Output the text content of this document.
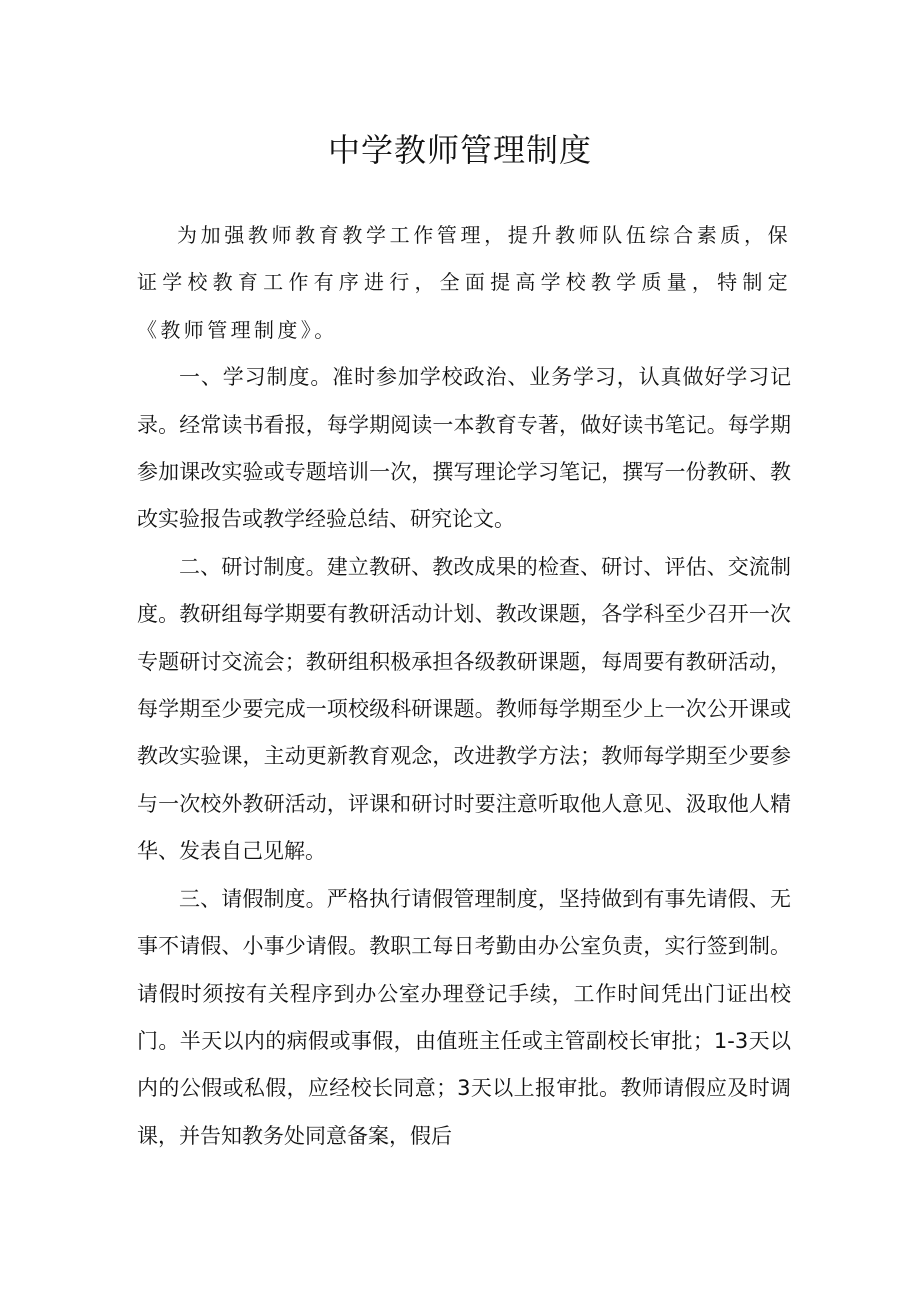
中学教师管理制度

为加强教师教育教学工作管理，提升教师队伍综合素质，保证学校教育工作有序进行，全面提高学校教学质量，特制定《教师管理制度》。

一、学习制度。准时参加学校政治、业务学习，认真做好学习记录。经常读书看报，每学期阅读一本教育专著，做好读书笔记。每学期参加课改实验或专题培训一次，撰写理论学习笔记，撰写一份教研、教改实验报告或教学经验总结、研究论文。

二、研讨制度。建立教研、教改成果的检查、研讨、评估、交流制度。教研组每学期要有教研活动计划、教改课题，各学科至少召开一次专题研讨交流会；教研组积极承担各级教研课题，每周要有教研活动，每学期至少要完成一项校级科研课题。教师每学期至少上一次公开课或教改实验课，主动更新教育观念，改进教学方法；教师每学期至少要参与一次校外教研活动，评课和研讨时要注意听取他人意见、汲取他人精华、发表自己见解。

三、请假制度。严格执行请假管理制度，坚持做到有事先请假、无事不请假、小事少请假。教职工每日考勤由办公室负责，实行签到制。请假时须按有关程序到办公室办理登记手续，工作时间凭出门证出校门。半天以内的病假或事假，由值班主任或主管副校长审批；1-3天以内的公假或私假，应经校长同意；3天以上报审批。教师请假应及时调课，并告知教务处同意备案，假后
